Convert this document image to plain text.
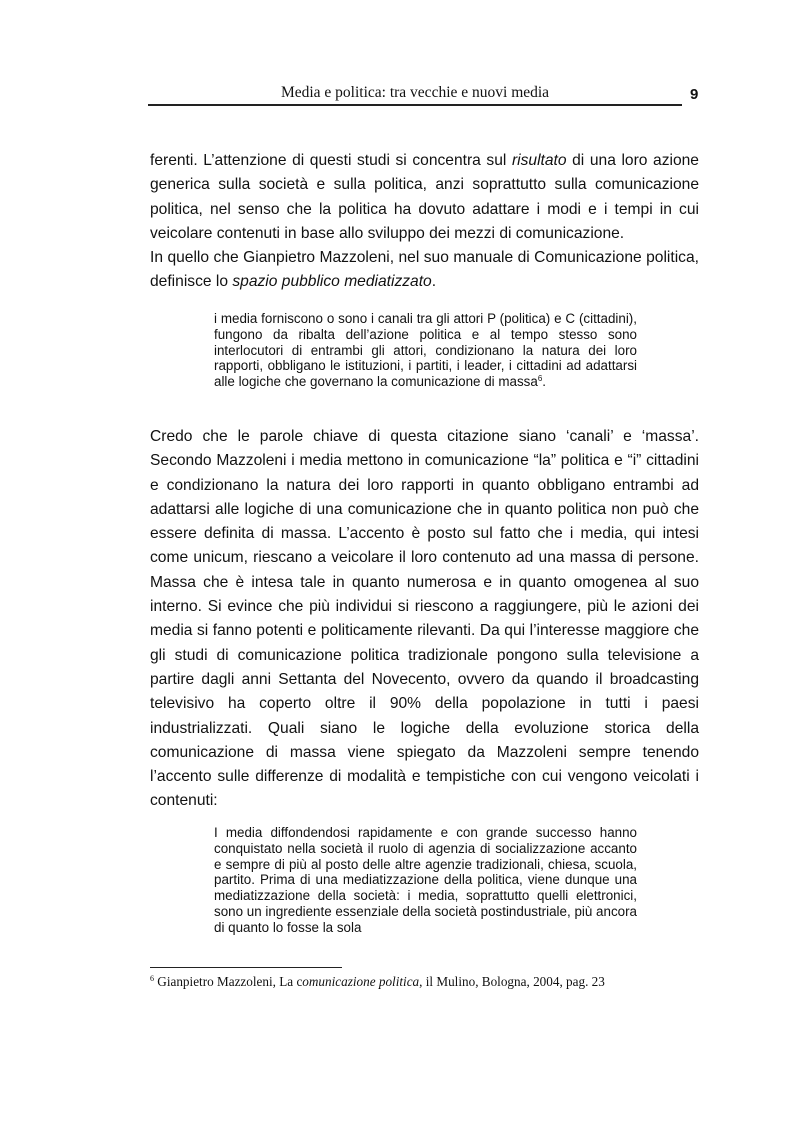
Media e politica: tra vecchie e nuovi media	9

ferenti. L’attenzione di questi studi si concentra sul risultato di una loro azione generica sulla società e sulla politica, anzi soprattutto sulla comunicazione politica, nel senso che la politica ha dovuto adattare i modi e i tempi in cui veicolare contenuti in base allo sviluppo dei mezzi di comunicazione.

In quello che Gianpietro Mazzoleni, nel suo manuale di Comunicazione politica, definisce lo spazio pubblico mediatizzato.

i media forniscono o sono i canali tra gli attori P (politica) e C (cittadini), fungono da ribalta dell’azione politica e al tempo stesso sono interlocutori di entrambi gli attori, condizionano la natura dei loro rapporti, obbligano le istituzioni, i partiti, i leader, i cittadini ad adattarsi alle logiche che governano la comunicazione di massa$^6$.

Credo che le parole chiave di questa citazione siano ‘canali’ e ‘massa’. Secondo Mazzoleni i media mettono in comunicazione “la” politica e “i” cittadini e condizionano la natura dei loro rapporti in quanto obbligano entrambi ad adattarsi alle logiche di una comunicazione che in quanto politica non può che essere definita di massa. L’accento è posto sul fatto che i media, qui intesi come unicum, riescano a veicolare il loro contenuto ad una massa di persone. Massa che è intesa tale in quanto numerosa e in quanto omogenea al suo interno. Si evince che più individui si riescono a raggiungere, più le azioni dei media si fanno potenti e politicamente rilevanti. Da qui l’interesse maggiore che gli studi di comunicazione politica tradizionale pongono sulla televisione a partire dagli anni Settanta del Novecento, ovvero da quando il broadcasting televisivo ha coperto oltre il 90% della popolazione in tutti i paesi industrializzati. Quali siano le logiche della evoluzione storica della comunicazione di massa viene spiegato da Mazzoleni sempre tenendo l’accento sulle differenze di modalità e tempistiche con cui vengono veicolati i contenuti:

I media diffondendosi rapidamente e con grande successo hanno conquistato nella società il ruolo di agenzia di socializzazione accanto e sempre di più al posto delle altre agenzie tradizionali, chiesa, scuola, partito. Prima di una mediatizzazione della politica, viene dunque una mediatizzazione della società: i media, soprattutto quelli elettronici, sono un ingrediente essenziale della società postindustriale, più ancora di quanto lo fosse la sola

$^6$ Gianpietro Mazzoleni, La comunicazione politica, il Mulino, Bologna, 2004, pag. 23
